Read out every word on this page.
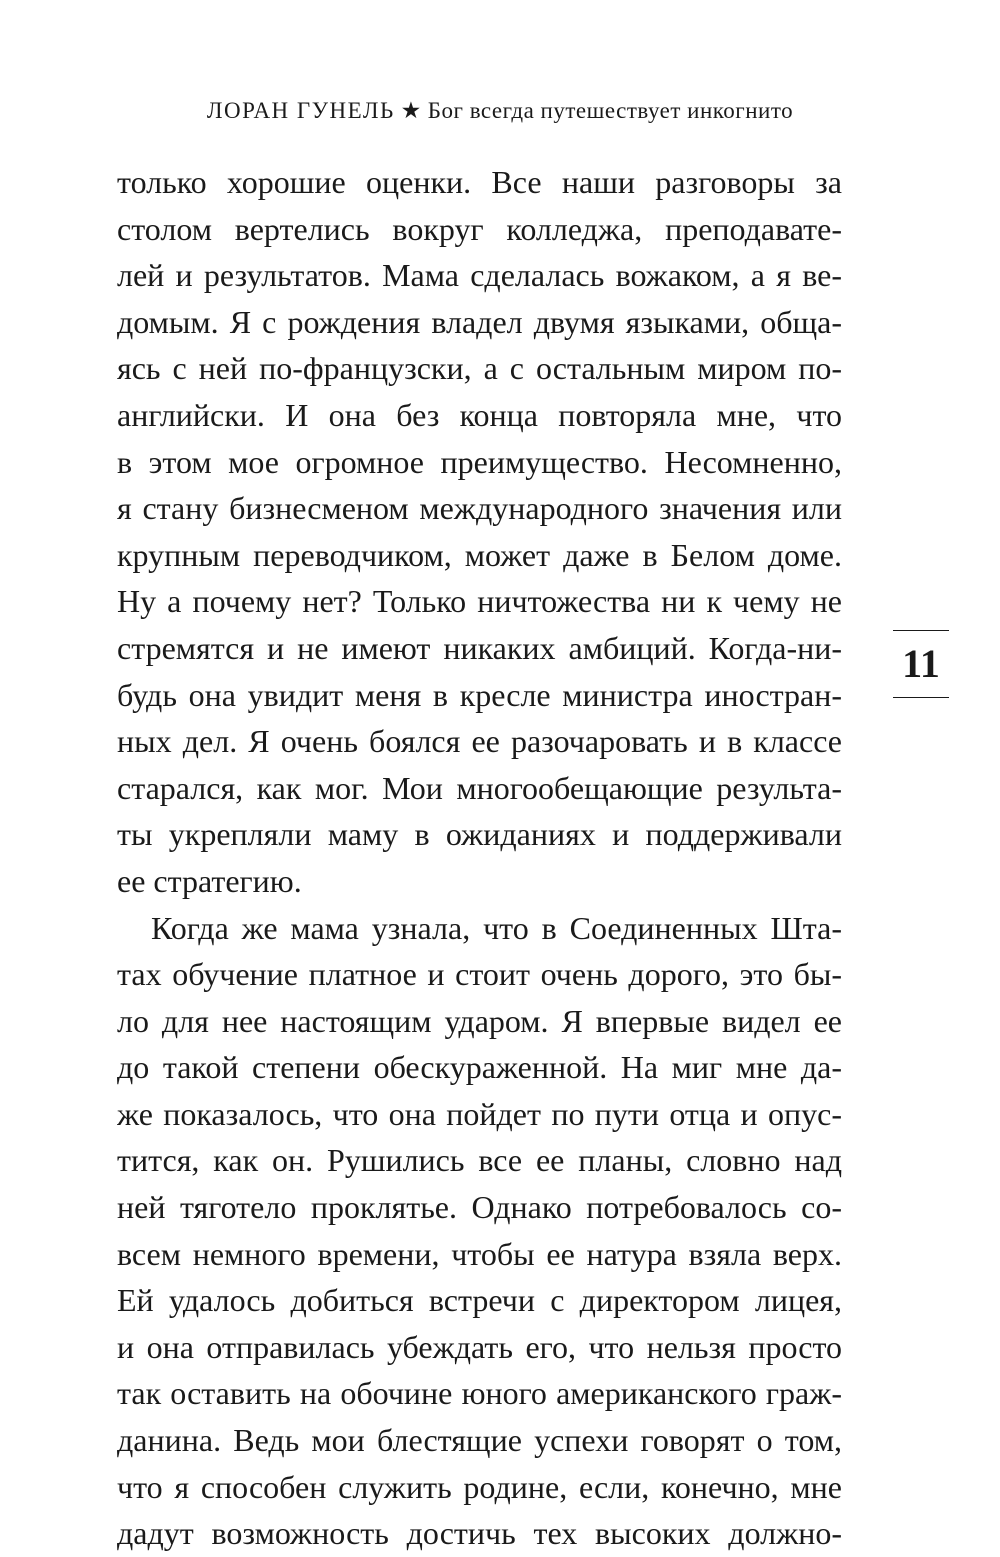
ЛОРАН ГУНЕЛЬ ★ Бог всегда путешествует инкогнито
только хорошие оценки. Все наши разговоры за
столом вертелись вокруг колледжа, преподавате-
лей и результатов. Мама сделалась вожаком, а я ве-
домым. Я с рождения владел двумя языками, обща-
ясь с ней по-французски, а с остальным миром по-
английски. И она без конца повторяла мне, что
в этом мое огромное преимущество. Несомненно,
я стану бизнесменом международного значения или
крупным переводчиком, может даже в Белом доме.
Ну а почему нет? Только ничтожества ни к чему не
стремятся и не имеют никаких амбиций. Когда-ни-
будь она увидит меня в кресле министра иностран-
ных дел. Я очень боялся ее разочаровать и в классе
старался, как мог. Мои многообещающие результа-
ты укрепляли маму в ожиданиях и поддерживали
ее стратегию.
Когда же мама узнала, что в Соединенных Шта-
тах обучение платное и стоит очень дорого, это бы-
ло для нее настоящим ударом. Я впервые видел ее
до такой степени обескураженной. На миг мне да-
же показалось, что она пойдет по пути отца и опус-
тится, как он. Рушились все ее планы, словно над
ней тяготело проклятье. Однако потребовалось со-
всем немного времени, чтобы ее натура взяла верх.
Ей удалось добиться встречи с директором лицея,
и она отправилась убеждать его, что нельзя просто
так оставить на обочине юного американского граж-
данина. Ведь мои блестящие успехи говорят о том,
что я способен служить родине, если, конечно, мне
дадут возможность достичь тех высоких должно-
11
